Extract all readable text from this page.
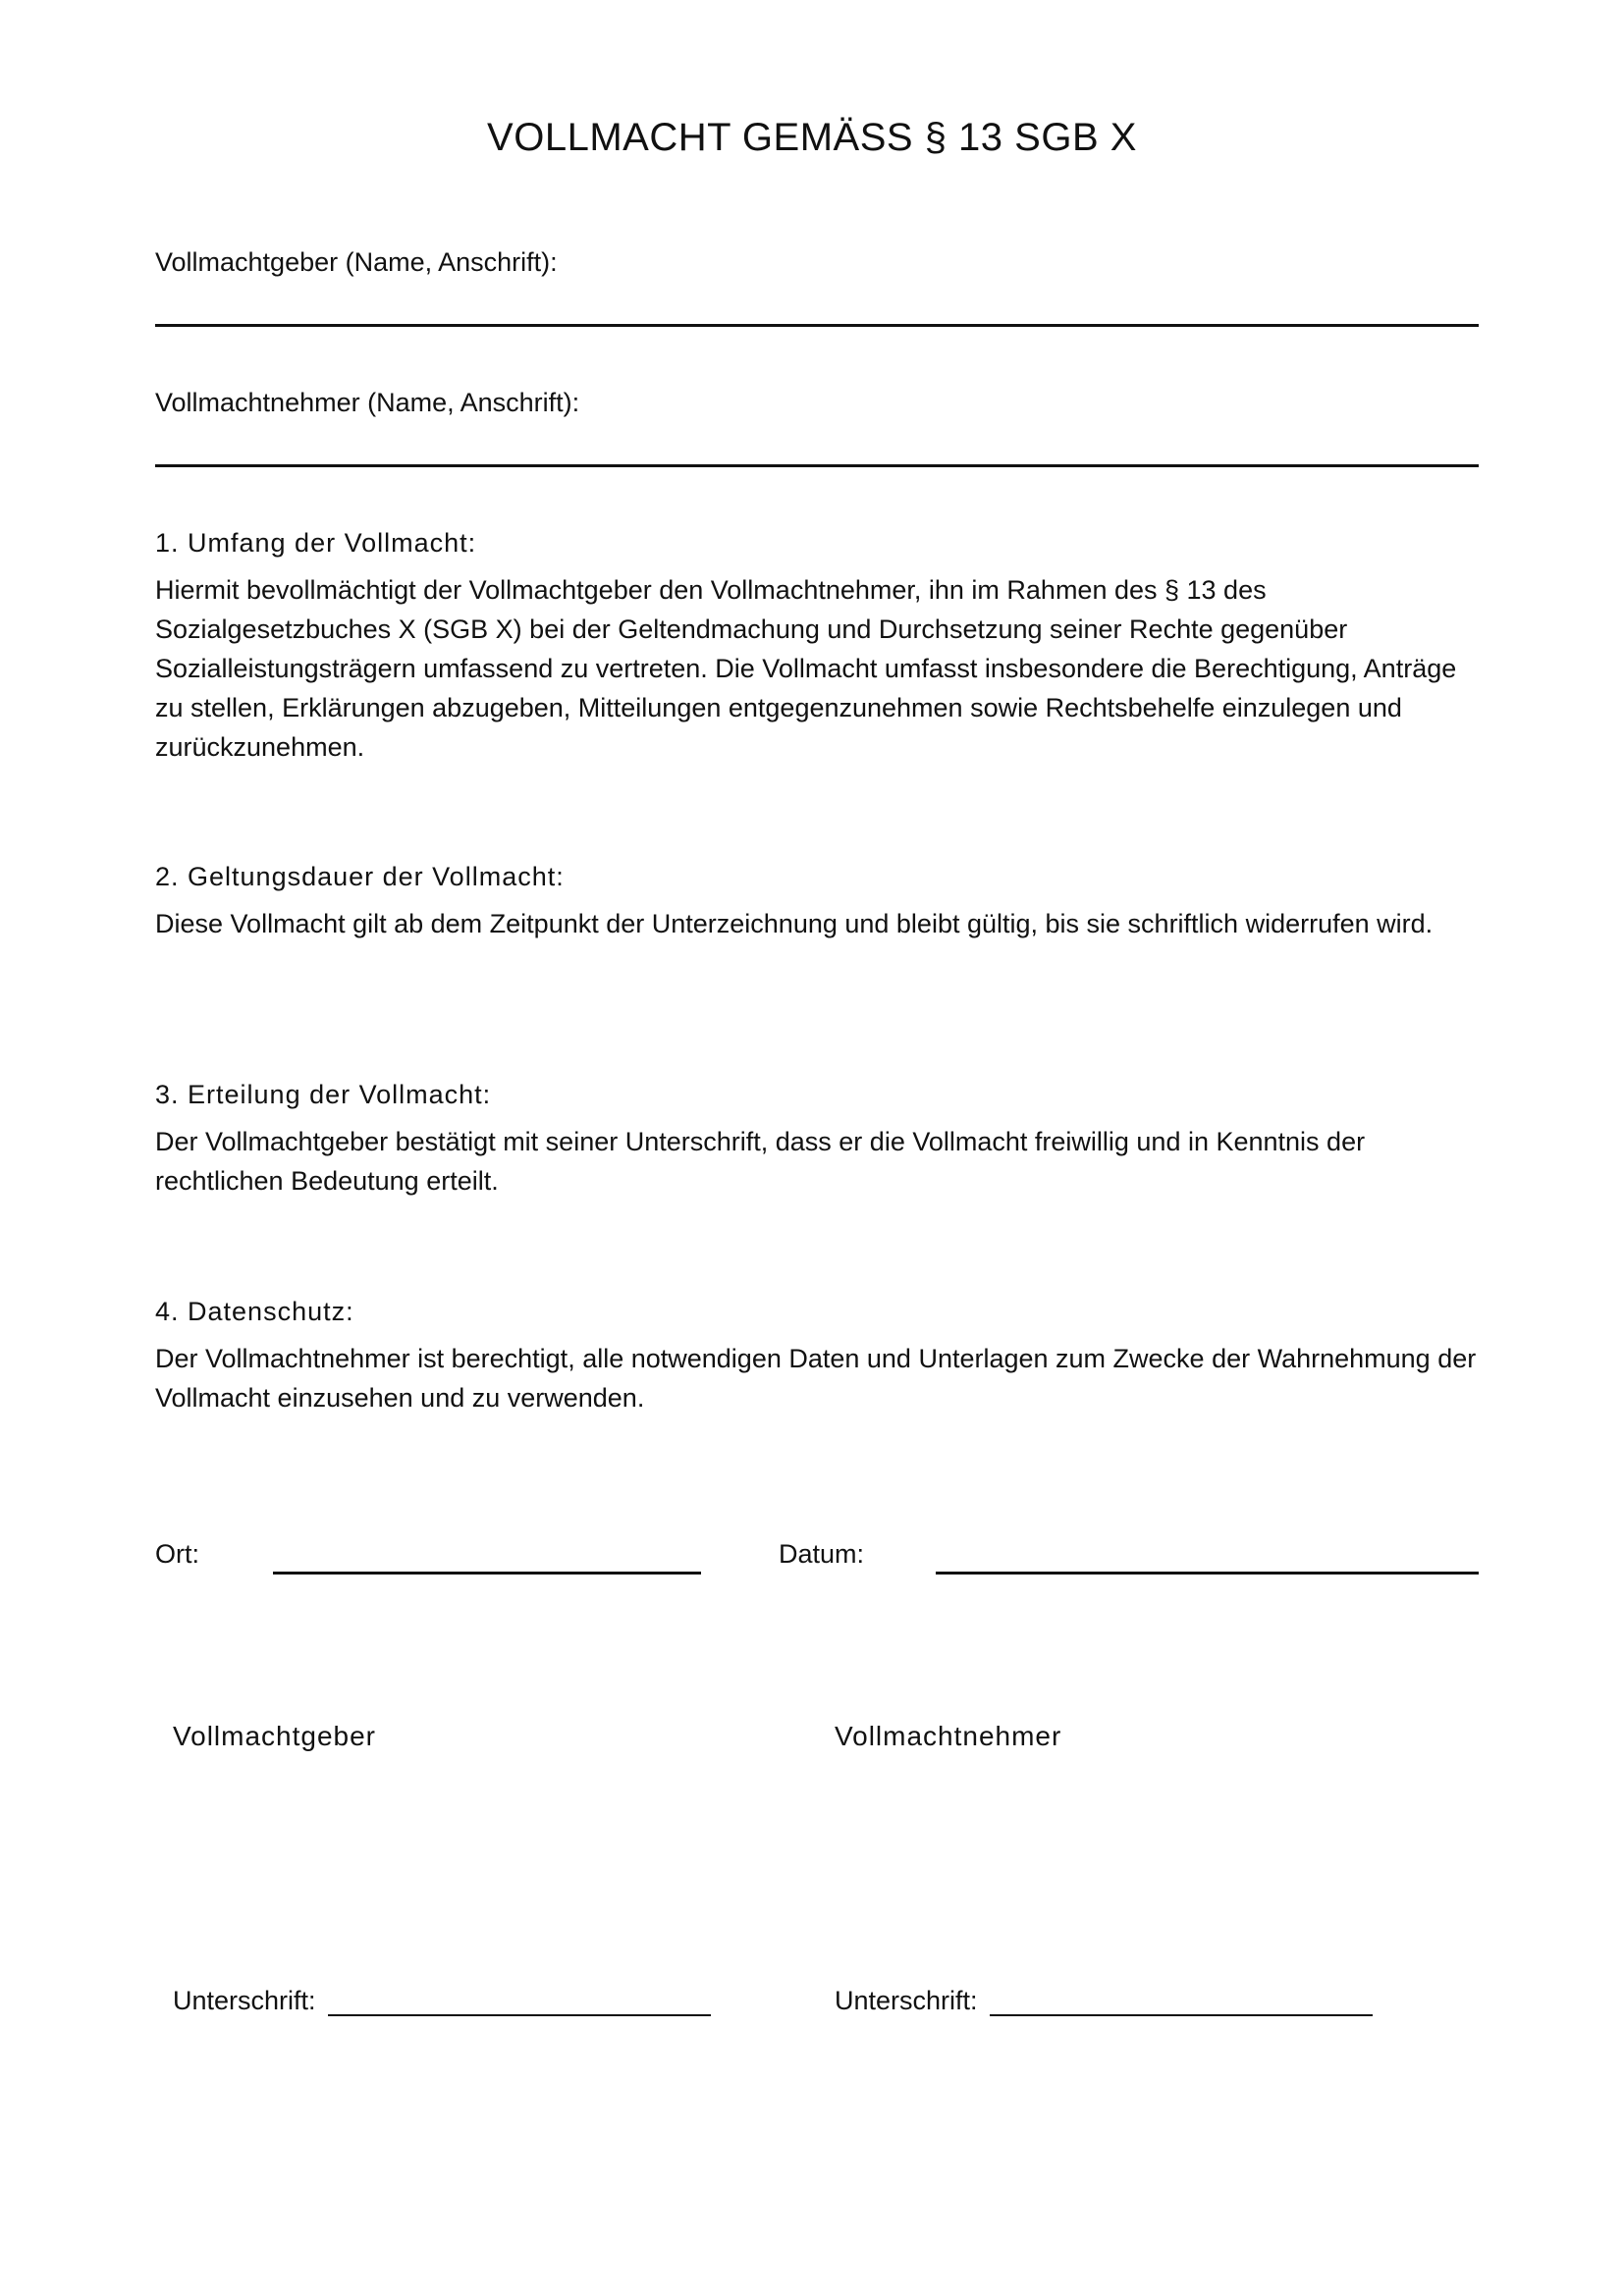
VOLLMACHT GEMÄSS § 13 SGB X
Vollmachtgeber (Name, Anschrift):
Vollmachtnehmer (Name, Anschrift):

1. Umfang der Vollmacht:

Hiermit bevollmächtigt der Vollmachtgeber den Vollmachtnehmer, ihn im Rahmen des § 13 des Sozialgesetzbuches X (SGB X) bei der Geltendmachung und Durchsetzung seiner Rechte gegenüber Sozialleistungsträgern umfassend zu vertreten. Die Vollmacht umfasst insbesondere die Berechtigung, Anträge zu stellen, Erklärungen abzugeben, Mitteilungen entgegenzunehmen sowie Rechtsbehelfe einzulegen und zurückzunehmen.

2. Geltungsdauer der Vollmacht:

Diese Vollmacht gilt ab dem Zeitpunkt der Unterzeichnung und bleibt gültig, bis sie schriftlich widerrufen wird.

3. Erteilung der Vollmacht:

Der Vollmachtgeber bestätigt mit seiner Unterschrift, dass er die Vollmacht freiwillig und in Kenntnis der rechtlichen Bedeutung erteilt.

4. Datenschutz:

Der Vollmachtnehmer ist berechtigt, alle notwendigen Daten und Unterlagen zum Zwecke der Wahrnehmung der Vollmacht einzusehen und zu verwenden.

Ort:	Datum:
Vollmachtgeber	Vollmachtnehmer
Unterschrift:	Unterschrift:
